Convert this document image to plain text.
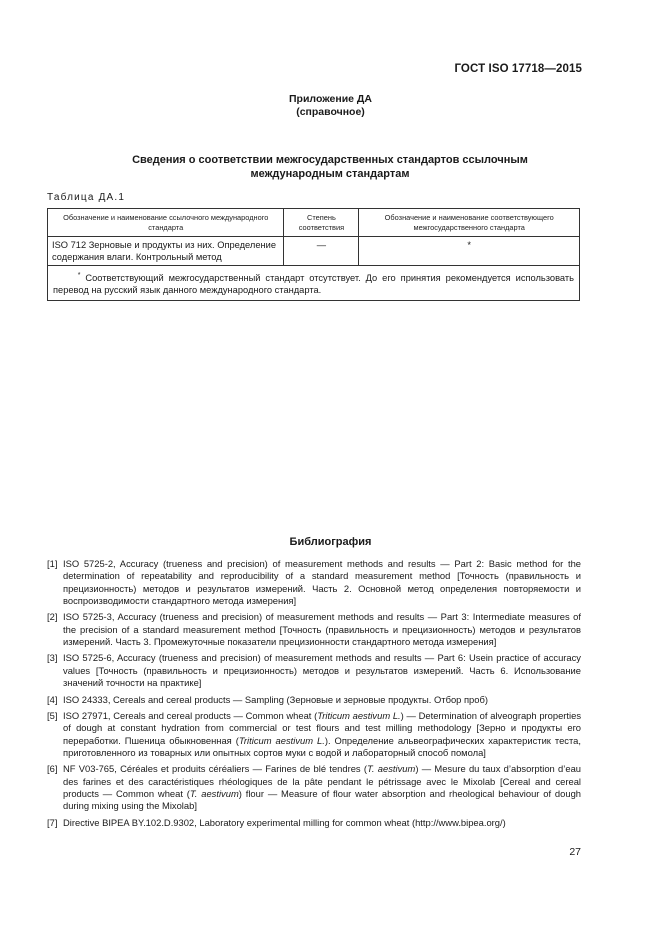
ГОСТ ISO 17718—2015
Приложение ДА
(справочное)
Сведения о соответствии межгосударственных стандартов ссылочным
международным стандартам
Таблица ДА.1
Обозначение и наименование ссылочного международного стандарта	Степень соответствия	Обозначение и наименование соответствующего межгосударственного стандарта
ISO 712 Зерновые и продукты из них. Определение содержания влаги. Контрольный метод	—	*
* Соответствующий межгосударственный стандарт отсутствует. До его принятия рекомендуется использовать перевод на русский язык данного международного стандарта.		
Библиография
[1] ISO 5725-2, Accuracy (trueness and precision) of measurement methods and results — Part 2: Basic method for the determination of repeatability and reproducibility of a standard measurement method [Точность (правильность и прецизионность) методов и результатов измерений. Часть 2. Основной метод определения повторяемости и воспроизводимости стандартного метода измерения]
[2] ISO 5725-3, Accuracy (trueness and precision) of measurement methods and results — Part 3: Intermediate measures of the precision of a standard measurement method [Точность (правильность и прецизионность) методов и результатов измерений. Часть 3. Промежуточные показатели прецизионности стандартного метода измерения]
[3] ISO 5725-6, Accuracy (trueness and precision) of measurement methods and results — Part 6: Usein practice of accuracy values [Точность (правильность и прецизионность) методов и результатов измерений. Часть 6. Использование значений точности на практике]
[4] ISO 24333, Cereals and cereal products — Sampling (Зерновые и зерновые продукты. Отбор проб)
[5] ISO 27971, Cereals and cereal products — Common wheat (Triticum aestivum L.) — Determination of alveograph properties of dough at constant hydration from commercial or test flours and test milling methodology [Зерно и продукты его переработки. Пшеница обыкновенная (Triticum aestivum L.). Определение альвеографических характеристик теста, приготовленного из товарных или опытных сортов муки с водой и лабораторный способ помола]
[6] NF V03-765, Céréales et produits céréaliers — Farines de blé tendres (T. aestivum) — Mesure du taux d’absorption d’eau des farines et des caractéristiques rhéologiques de la pâte pendant le pétrissage avec le Mixolab [Cereal and cereal products — Common wheat (T. aestivum) flour — Measure of flour water absorption and rheological behaviour of dough during mixing using the Mixolab]
[7] Directive BIPEA BY.102.D.9302, Laboratory experimental milling for common wheat (http://www.bipea.org/)
27
